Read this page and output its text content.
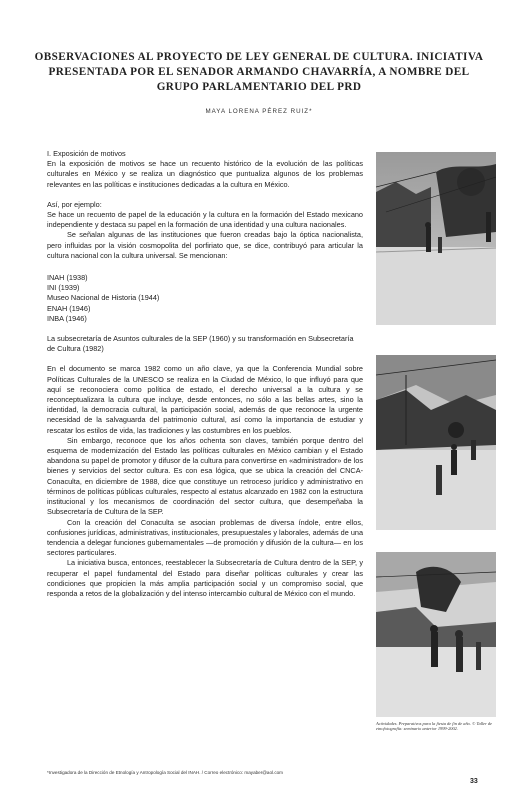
OBSERVACIONES AL PROYECTO DE LEY GENERAL DE CULTURA. INICIATIVA
PRESENTADA POR EL SENADOR ARMANDO CHAVARRÍA, A NOMBRE DEL
GRUPO PARLAMENTARIO DEL PRD
MAYA LORENA PÉREZ RUIZ*

I. Exposición de motivos

En la exposición de motivos se hace un recuento histórico de la evolución de las políticas culturales en México y se realiza un diagnóstico que puntualiza algunos de los problemas relevantes en las políticas e instituciones dedicadas a la cultura en México.

Así, por ejemplo:

Se hace un recuento de papel de la educación y la cultura en la formación del Estado mexicano independiente y destaca su papel en la formación de una identidad y una cultura nacionales.

Se señalan algunas de las instituciones que fueron creadas bajo la óptica nacionalista, pero influidas por la visión cosmopolita del porfiriato que, se dice, contribuyó para articular la cultura nacional con la cultura universal. Se mencionan:

INAH (1938)

INI (1939)

Museo Nacional de Historia (1944)

ENAH (1946)

INBA (1946)

La subsecretaría de Asuntos culturales de la SEP (1960) y su transformación en Subsecretaría de Cultura (1982)

En el documento se marca 1982 como un año clave, ya que la Conferencia Mundial sobre Políticas Culturales de la UNESCO se realiza en la Ciudad de México, lo que influyó para que aquí se reconociera como política de estado, el derecho universal a la cultura y se reconceptualizara la cultura que incluye, desde entonces, no sólo a las bellas artes, sino la identidad, la democracia cultural, la participación social, además de que reconoce la urgente necesidad de la salvaguarda del patrimonio cultural, así como la importancia de estudiar y rescatar los estilos de vida, las tradiciones y las costumbres en los pueblos.

Sin embargo, reconoce que los años ochenta son claves, también porque dentro del esquema de modernización del Estado las políticas culturales en México cambian y el Estado abandona su papel de promotor y difusor de la cultura para convertirse en «administrador» de los bienes y servicios del sector cultura. Es con esa lógica, que se ubica la creación del CNCA-Conaculta, en diciembre de 1988, dice que constituye un retroceso jurídico y administrativo en términos de políticas públicas culturales, respecto al estatus alcanzado en 1982 con la estructura institucional y los mecanismos de coordinación del sector cultura, que desempeñaba la Subsecretaría de Cultura de la SEP.

Con la creación del Conaculta se asocian problemas de diversa índole, entre ellos, confusiones jurídicas, administrativas, institucionales, presupuestales y laborales, además de una tendencia a delegar funciones gubernamentales —de promoción y difusión de la cultura— en los sectores particulares.

La iniciativa busca, entonces, reestablecer la Subsecretaría de Cultura dentro de la SEP, y recuperar el papel fundamental del Estado para diseñar políticas culturales y crear las condiciones que propicien la más amplia participación social y un compromiso social, que responda a retos de la globalización y del intenso intercambio cultural de México con el mundo.

Actividades. Preparativos para la fiesta de fin de año. © Taller de etnofotografía: seminario anterior 1999-2002.
*Investigadora de la Dirección de Etnología y Antropología Social del INAH. / Correo electrónico: mayaber@aol.com
33
